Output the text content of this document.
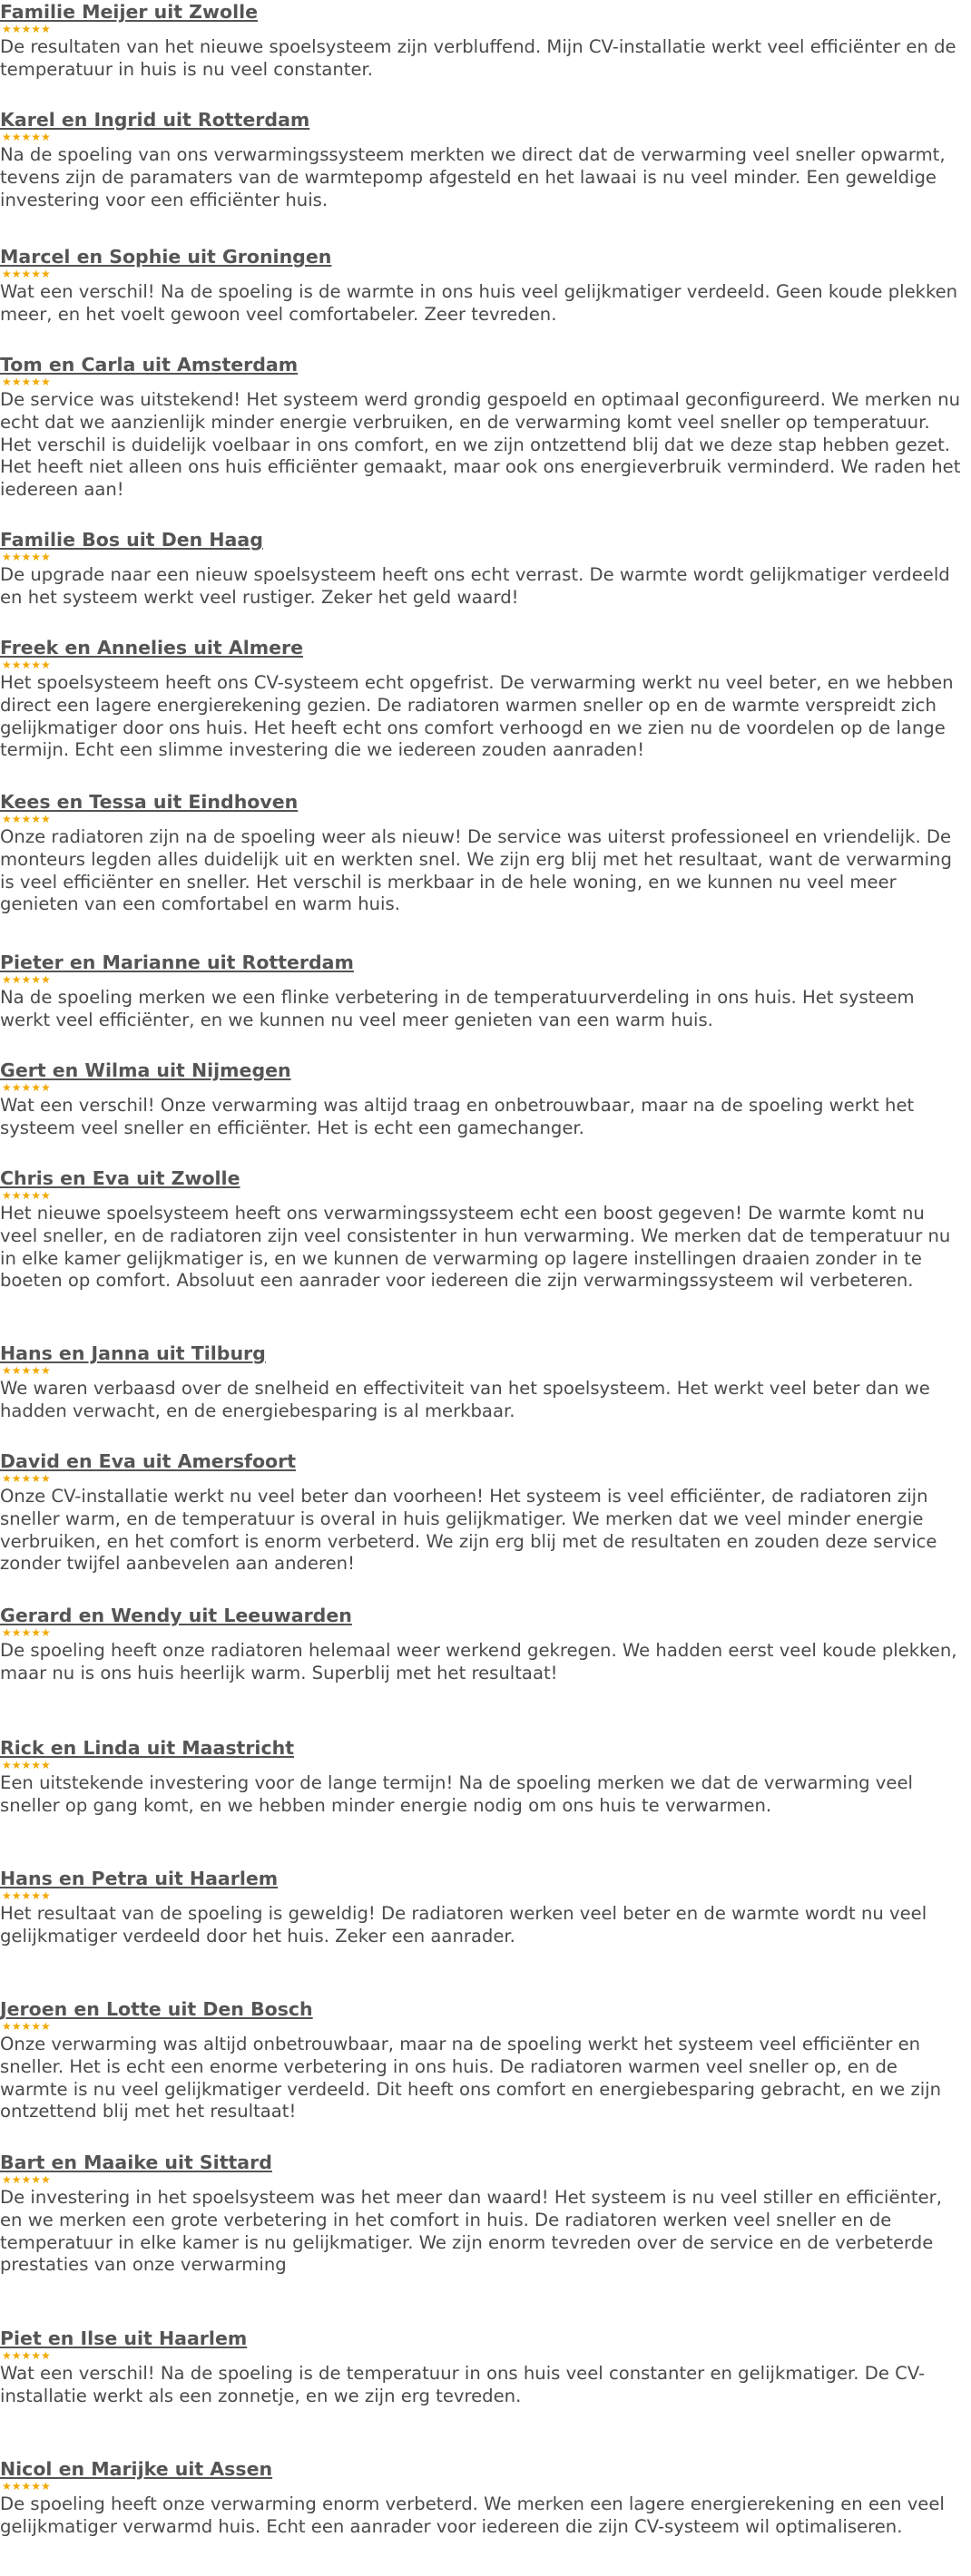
Familie Meijer uit Zwolle
★★★★★

De resultaten van het nieuwe spoelsysteem zijn verbluffend. Mijn CV-installatie werkt veel efficiënter en de temperatuur in huis is nu veel constanter.

Karel en Ingrid uit Rotterdam
★★★★★

Na de spoeling van ons verwarmingssysteem merkten we direct dat de verwarming veel sneller opwarmt, tevens zijn de paramaters van de warmtepomp afgesteld en het lawaai is nu veel minder. Een geweldige investering voor een efficiënter huis.

Marcel en Sophie uit Groningen
★★★★★

Wat een verschil! Na de spoeling is de warmte in ons huis veel gelijkmatiger verdeeld. Geen koude plekken meer, en het voelt gewoon veel comfortabeler. Zeer tevreden.

Tom en Carla uit Amsterdam
★★★★★

De service was uitstekend! Het systeem werd grondig gespoeld en optimaal geconfigureerd. We merken nu echt dat we aanzienlijk minder energie verbruiken, en de verwarming komt veel sneller op temperatuur. Het verschil is duidelijk voelbaar in ons comfort, en we zijn ontzettend blij dat we deze stap hebben gezet. Het heeft niet alleen ons huis efficiënter gemaakt, maar ook ons energieverbruik verminderd. We raden het iedereen aan!

Familie Bos uit Den Haag
★★★★★

De upgrade naar een nieuw spoelsysteem heeft ons echt verrast. De warmte wordt gelijkmatiger verdeeld en het systeem werkt veel rustiger. Zeker het geld waard!

Freek en Annelies uit Almere
★★★★★

Het spoelsysteem heeft ons CV-systeem echt opgefrist. De verwarming werkt nu veel beter, en we hebben direct een lagere energierekening gezien. De radiatoren warmen sneller op en de warmte verspreidt zich gelijkmatiger door ons huis. Het heeft echt ons comfort verhoogd en we zien nu de voordelen op de lange termijn. Echt een slimme investering die we iedereen zouden aanraden!

Kees en Tessa uit Eindhoven
★★★★★

Onze radiatoren zijn na de spoeling weer als nieuw! De service was uiterst professioneel en vriendelijk. De monteurs legden alles duidelijk uit en werkten snel. We zijn erg blij met het resultaat, want de verwarming is veel efficiënter en sneller. Het verschil is merkbaar in de hele woning, en we kunnen nu veel meer genieten van een comfortabel en warm huis.

Pieter en Marianne uit Rotterdam
★★★★★

Na de spoeling merken we een flinke verbetering in de temperatuurverdeling in ons huis. Het systeem werkt veel efficiënter, en we kunnen nu veel meer genieten van een warm huis.

Gert en Wilma uit Nijmegen
★★★★★

Wat een verschil! Onze verwarming was altijd traag en onbetrouwbaar, maar na de spoeling werkt het systeem veel sneller en efficiënter. Het is echt een gamechanger.

Chris en Eva uit Zwolle
★★★★★

Het nieuwe spoelsysteem heeft ons verwarmingssysteem echt een boost gegeven! De warmte komt nu veel sneller, en de radiatoren zijn veel consistenter in hun verwarming. We merken dat de temperatuur nu in elke kamer gelijkmatiger is, en we kunnen de verwarming op lagere instellingen draaien zonder in te boeten op comfort. Absoluut een aanrader voor iedereen die zijn verwarmingssysteem wil verbeteren.

Hans en Janna uit Tilburg
★★★★★

We waren verbaasd over de snelheid en effectiviteit van het spoelsysteem. Het werkt veel beter dan we hadden verwacht, en de energiebesparing is al merkbaar.

David en Eva uit Amersfoort
★★★★★

Onze CV-installatie werkt nu veel beter dan voorheen! Het systeem is veel efficiënter, de radiatoren zijn sneller warm, en de temperatuur is overal in huis gelijkmatiger. We merken dat we veel minder energie verbruiken, en het comfort is enorm verbeterd. We zijn erg blij met de resultaten en zouden deze service zonder twijfel aanbevelen aan anderen!

Gerard en Wendy uit Leeuwarden
★★★★★

De spoeling heeft onze radiatoren helemaal weer werkend gekregen. We hadden eerst veel koude plekken, maar nu is ons huis heerlijk warm. Superblij met het resultaat!

Rick en Linda uit Maastricht
★★★★★

Een uitstekende investering voor de lange termijn! Na de spoeling merken we dat de verwarming veel sneller op gang komt, en we hebben minder energie nodig om ons huis te verwarmen.

Hans en Petra uit Haarlem
★★★★★

Het resultaat van de spoeling is geweldig! De radiatoren werken veel beter en de warmte wordt nu veel gelijkmatiger verdeeld door het huis. Zeker een aanrader.

Jeroen en Lotte uit Den Bosch
★★★★★

Onze verwarming was altijd onbetrouwbaar, maar na de spoeling werkt het systeem veel efficiënter en sneller. Het is echt een enorme verbetering in ons huis. De radiatoren warmen veel sneller op, en de warmte is nu veel gelijkmatiger verdeeld. Dit heeft ons comfort en energiebesparing gebracht, en we zijn ontzettend blij met het resultaat!

Bart en Maaike uit Sittard
★★★★★

De investering in het spoelsysteem was het meer dan waard! Het systeem is nu veel stiller en efficiënter, en we merken een grote verbetering in het comfort in huis. De radiatoren werken veel sneller en de temperatuur in elke kamer is nu gelijkmatiger. We zijn enorm tevreden over de service en de verbeterde prestaties van onze verwarming

Piet en Ilse uit Haarlem
★★★★★

Wat een verschil! Na de spoeling is de temperatuur in ons huis veel constanter en gelijkmatiger. De CV-installatie werkt als een zonnetje, en we zijn erg tevreden.

Nicol en Marijke uit Assen
★★★★★

De spoeling heeft onze verwarming enorm verbeterd. We merken een lagere energierekening en een veel gelijkmatiger verwarmd huis. Echt een aanrader voor iedereen die zijn CV-systeem wil optimaliseren.
